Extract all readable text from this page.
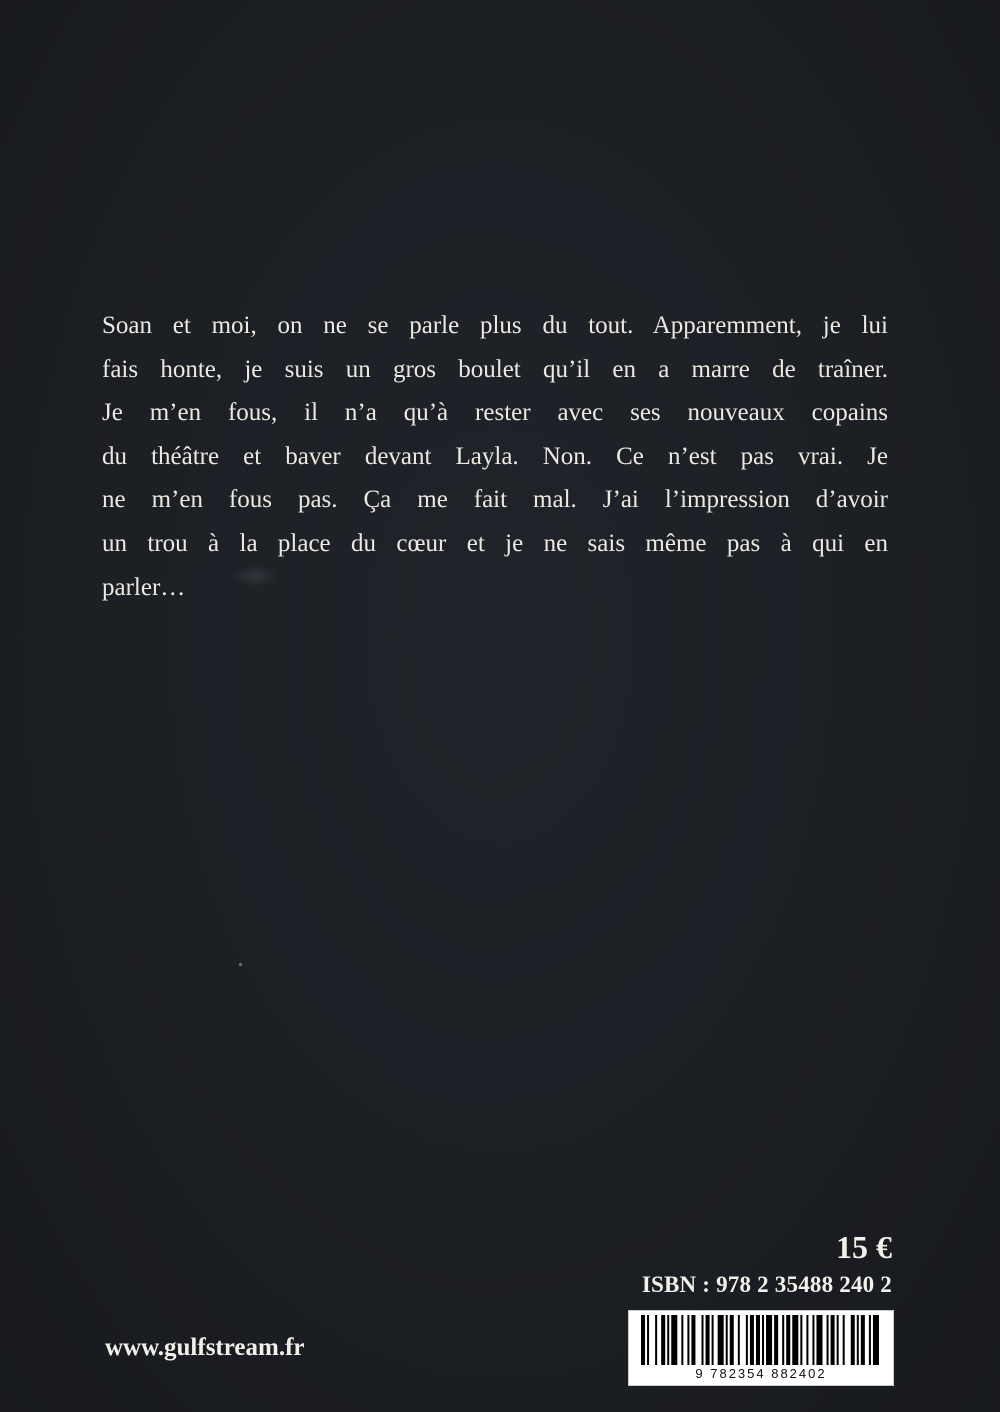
Soan et moi, on ne se parle plus du tout. Apparemment, je lui
fais honte, je suis un gros boulet qu’il en a marre de traîner.
Je m’en fous, il n’a qu’à rester avec ses nouveaux copains
du théâtre et baver devant Layla. Non. Ce n’est pas vrai. Je
ne m’en fous pas. Ça me fait mal. J’ai l’impression d’avoir
un trou à la place du cœur et je ne sais même pas à qui en
parler…

15 €

ISBN : 978 2 35488 240 2

9 782354 882402

www.gulfstream.fr
